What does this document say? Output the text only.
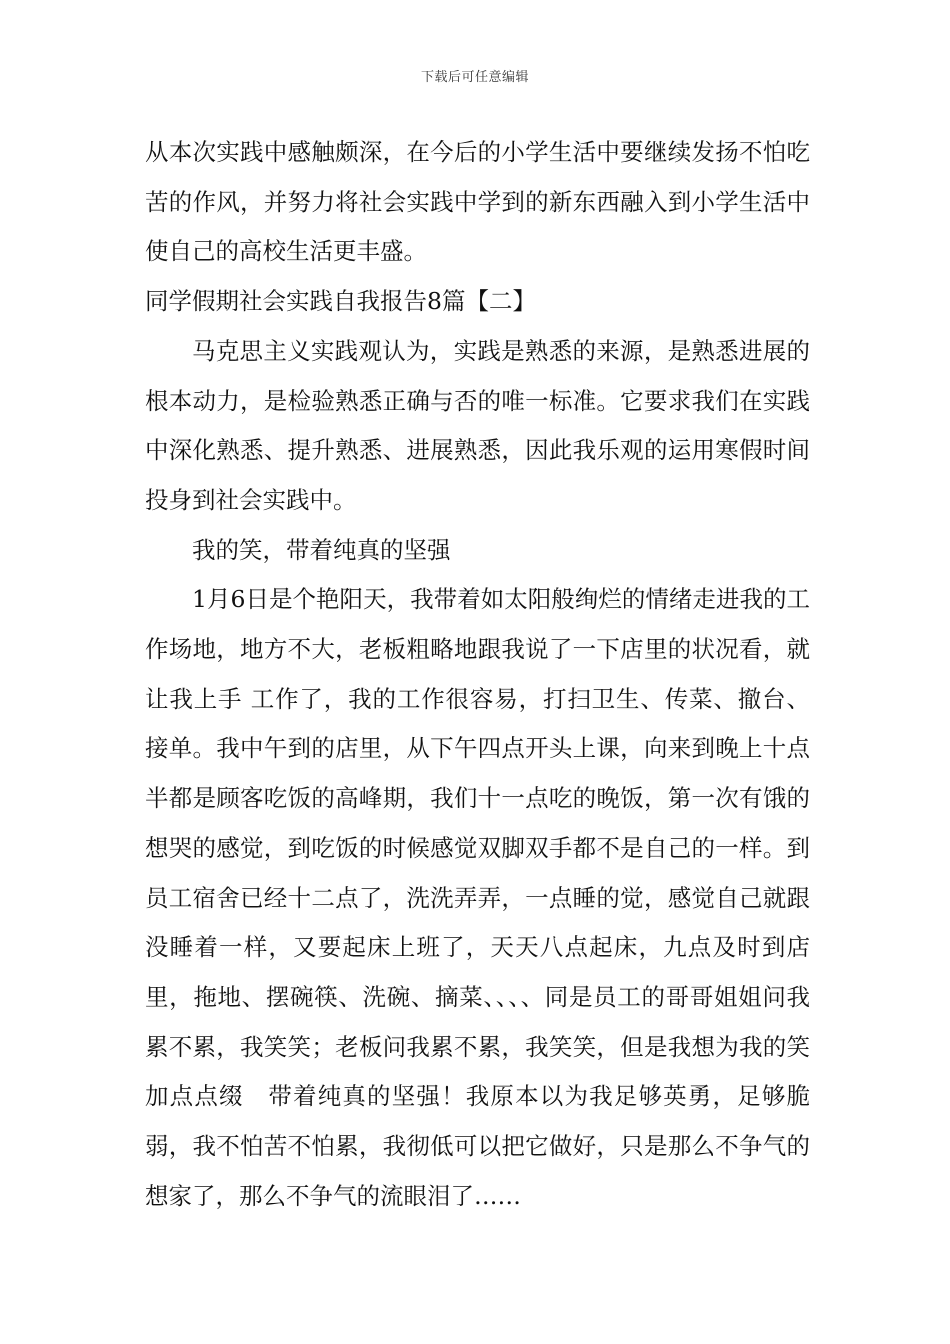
下载后可任意编辑

从本次实践中感触颇深，在今后的小学生活中要继续发扬不怕吃苦的作风，并努力将社会实践中学到的新东西融入到小学生活中使自己的高校生活更丰盛。

同学假期社会实践自我报告8篇【二】

马克思主义实践观认为，实践是熟悉的来源，是熟悉进展的根本动力，是检验熟悉正确与否的唯一标准。它要求我们在实践中深化熟悉、提升熟悉、进展熟悉，因此我乐观的运用寒假时间投身到社会实践中。

我的笑，带着纯真的坚强

1月6日是个艳阳天，我带着如太阳般绚烂的情绪走进我的工作场地，地方不大，老板粗略地跟我说了一下店里的状况看，就让我上手 工作了，我的工作很容易，打扫卫生、传菜、撤台、接单。我中午到的店里，从下午四点开头上课，向来到晚上十点半都是顾客吃饭的高峰期，我们十一点吃的晚饭，第一次有饿的想哭的感觉，到吃饭的时候感觉双脚双手都不是自己的一样。到员工宿舍已经十二点了，洗洗弄弄，一点睡的觉，感觉自己就跟没睡着一样，又要起床上班了，天天八点起床，九点及时到店里，拖地、摆碗筷、洗碗、摘菜、、、、同是员工的哥哥姐姐问我累不累，我笑笑；老板问我累不累，我笑笑，但是我想为我的笑加点点缀　带着纯真的坚强！我原本以为我足够英勇，足够脆弱，我不怕苦不怕累，我彻低可以把它做好，只是那么不争气的想家了，那么不争气的流眼泪了……
